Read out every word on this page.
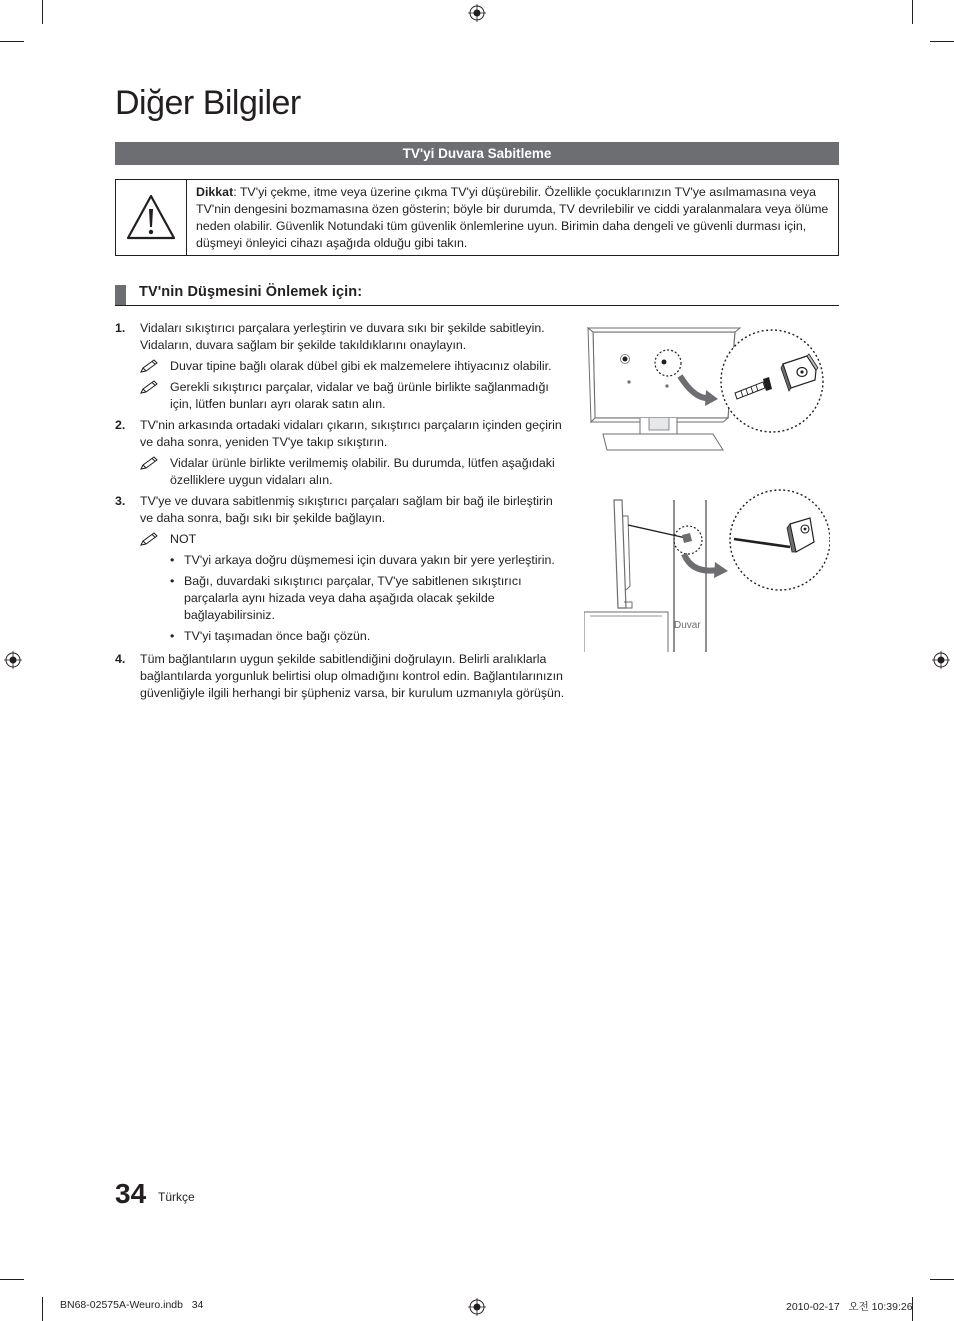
Diğer Bilgiler
TV'yi Duvara Sabitleme
Dikkat: TV'yi çekme, itme veya üzerine çıkma TV'yi düşürebilir. Özellikle çocuklarınızın TV'ye asılmamasına veya TV'nin dengesini bozmamasına özen gösterin; böyle bir durumda, TV devrilebilir ve ciddi yaralanmalara veya ölüme neden olabilir. Güvenlik Notundaki tüm güvenlik önlemlerine uyun. Birimin daha dengeli ve güvenli durması için, düşmeyi önleyici cihazı aşağıda olduğu gibi takın.
TV'nin Düşmesini Önlemek için:
1. Vidaları sıkıştırıcı parçalara yerleştirin ve duvara sıkı bir şekilde sabitleyin. Vidaların, duvara sağlam bir şekilde takıldıklarını onaylayın.
Duvar tipine bağlı olarak dübel gibi ek malzemelere ihtiyacınız olabilir.
Gerekli sıkıştırıcı parçalar, vidalar ve bağ ürünle birlikte sağlanmadığı için, lütfen bunları ayrı olarak satın alın.
2. TV'nin arkasında ortadaki vidaları çıkarın, sıkıştırıcı parçaların içinden geçirin ve daha sonra, yeniden TV'ye takıp sıkıştırın.
Vidalar ürünle birlikte verilmemiş olabilir. Bu durumda, lütfen aşağıdaki özelliklere uygun vidaları alın.
3. TV'ye ve duvara sabitlenmiş sıkıştırıcı parçaları sağlam bir bağ ile birleştirin ve daha sonra, bağı sıkı bir şekilde bağlayın.
NOT
• TV'yi arkaya doğru düşmemesi için duvara yakın bir yere yerleştirin.
• Bağı, duvardaki sıkıştırıcı parçalar, TV'ye sabitlenen sıkıştırıcı parçalarla aynı hizada veya daha aşağıda olacak şekilde bağlayabilirsiniz.
• TV'yi taşımadan önce bağı çözün.
4. Tüm bağlantıların uygun şekilde sabitlendiğini doğrulayın. Belirli aralıklarla bağlantılarda yorgunluk belirtisi olup olmadığını kontrol edin. Bağlantılarınızın güvenliğiyle ilgili herhangi bir şüpheniz varsa, bir kurulum uzmanıyla görüşün.
Duvar
34 Türkçe
BN68-02575A-Weuro.indb   34	2010-02-17   오전 10:39:26
